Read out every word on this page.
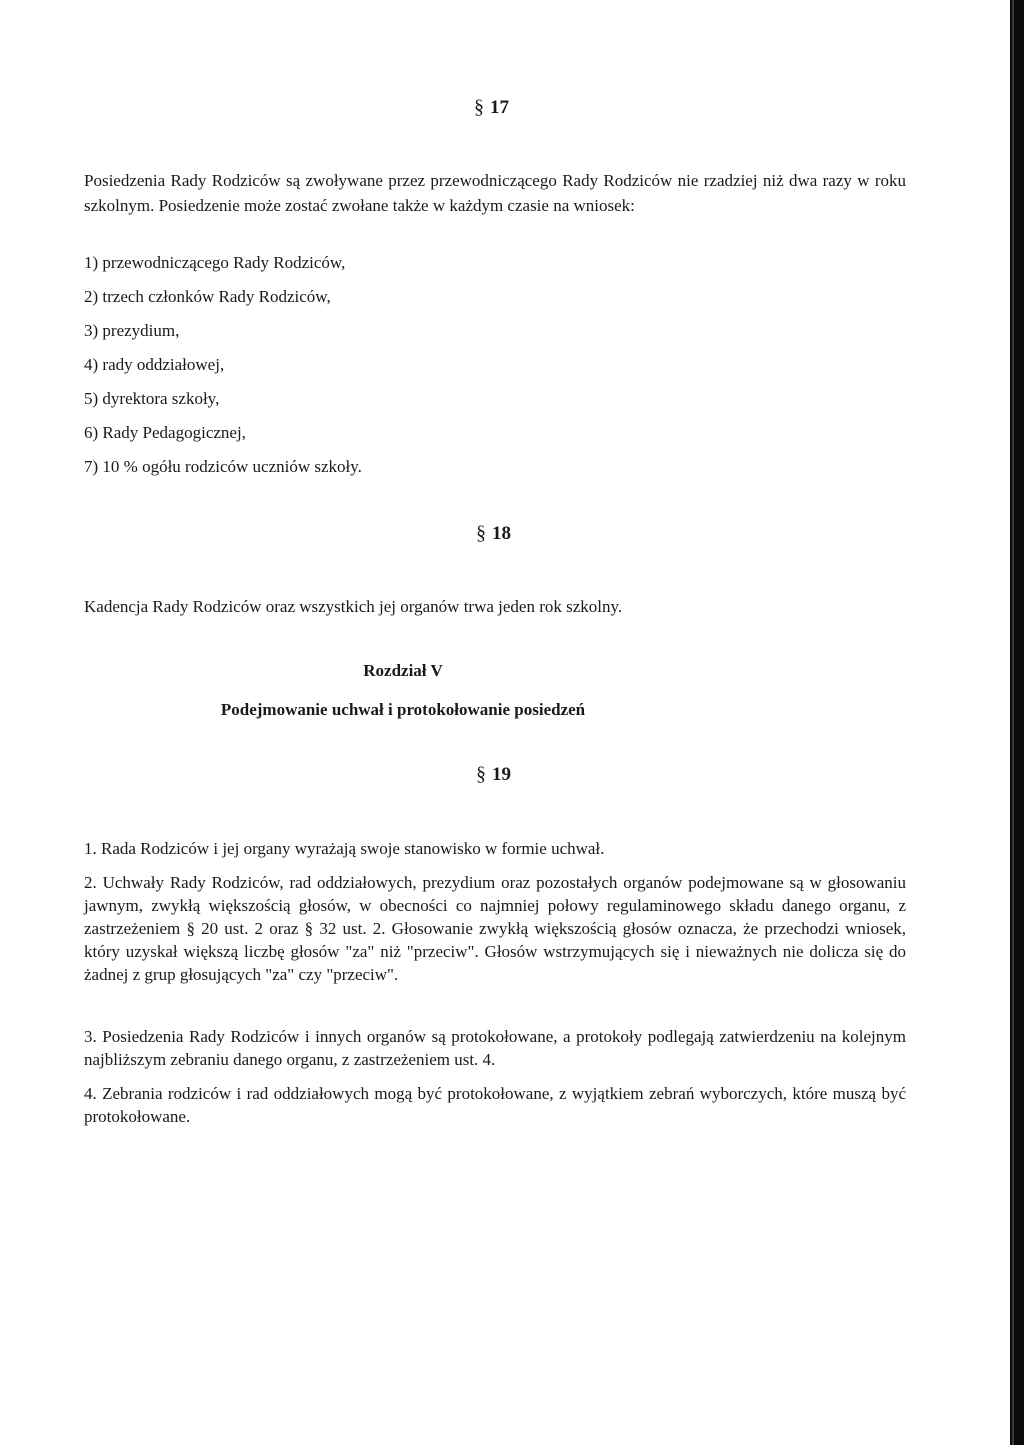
§ 17
Posiedzenia Rady Rodziców są zwoływane przez przewodniczącego Rady Rodziców nie rzadziej niż dwa razy w roku szkolnym. Posiedzenie może zostać zwołane także w każdym czasie na wniosek:
1) przewodniczącego Rady Rodziców,
2) trzech członków Rady Rodziców,
3) prezydium,
4) rady oddziałowej,
5) dyrektora szkoły,
6) Rady Pedagogicznej,
7) 10 % ogółu rodziców uczniów szkoły.
§ 18
Kadencja Rady Rodziców oraz wszystkich jej organów trwa jeden rok szkolny.
Rozdział V
Podejmowanie uchwał i protokołowanie posiedzeń
§ 19
1. Rada Rodziców i jej organy wyrażają swoje stanowisko w formie uchwał.
2. Uchwały Rady Rodziców, rad oddziałowych, prezydium oraz pozostałych organów podejmowane są w głosowaniu jawnym, zwykłą większością głosów, w obecności co najmniej połowy regulaminowego składu danego organu, z zastrzeżeniem § 20 ust. 2 oraz § 32 ust. 2. Głosowanie zwykłą większością głosów oznacza, że przechodzi wniosek, który uzyskał większą liczbę głosów "za" niż "przeciw". Głosów wstrzymujących się i nieważnych nie dolicza się do żadnej z grup głosujących "za" czy "przeciw".
3. Posiedzenia Rady Rodziców i innych organów są protokołowane, a protokoły podlegają zatwierdzeniu na kolejnym najbliższym zebraniu danego organu, z zastrzeżeniem ust. 4.
4. Zebrania rodziców i rad oddziałowych mogą być protokołowane, z wyjątkiem zebrań wyborczych, które muszą być protokołowane.
